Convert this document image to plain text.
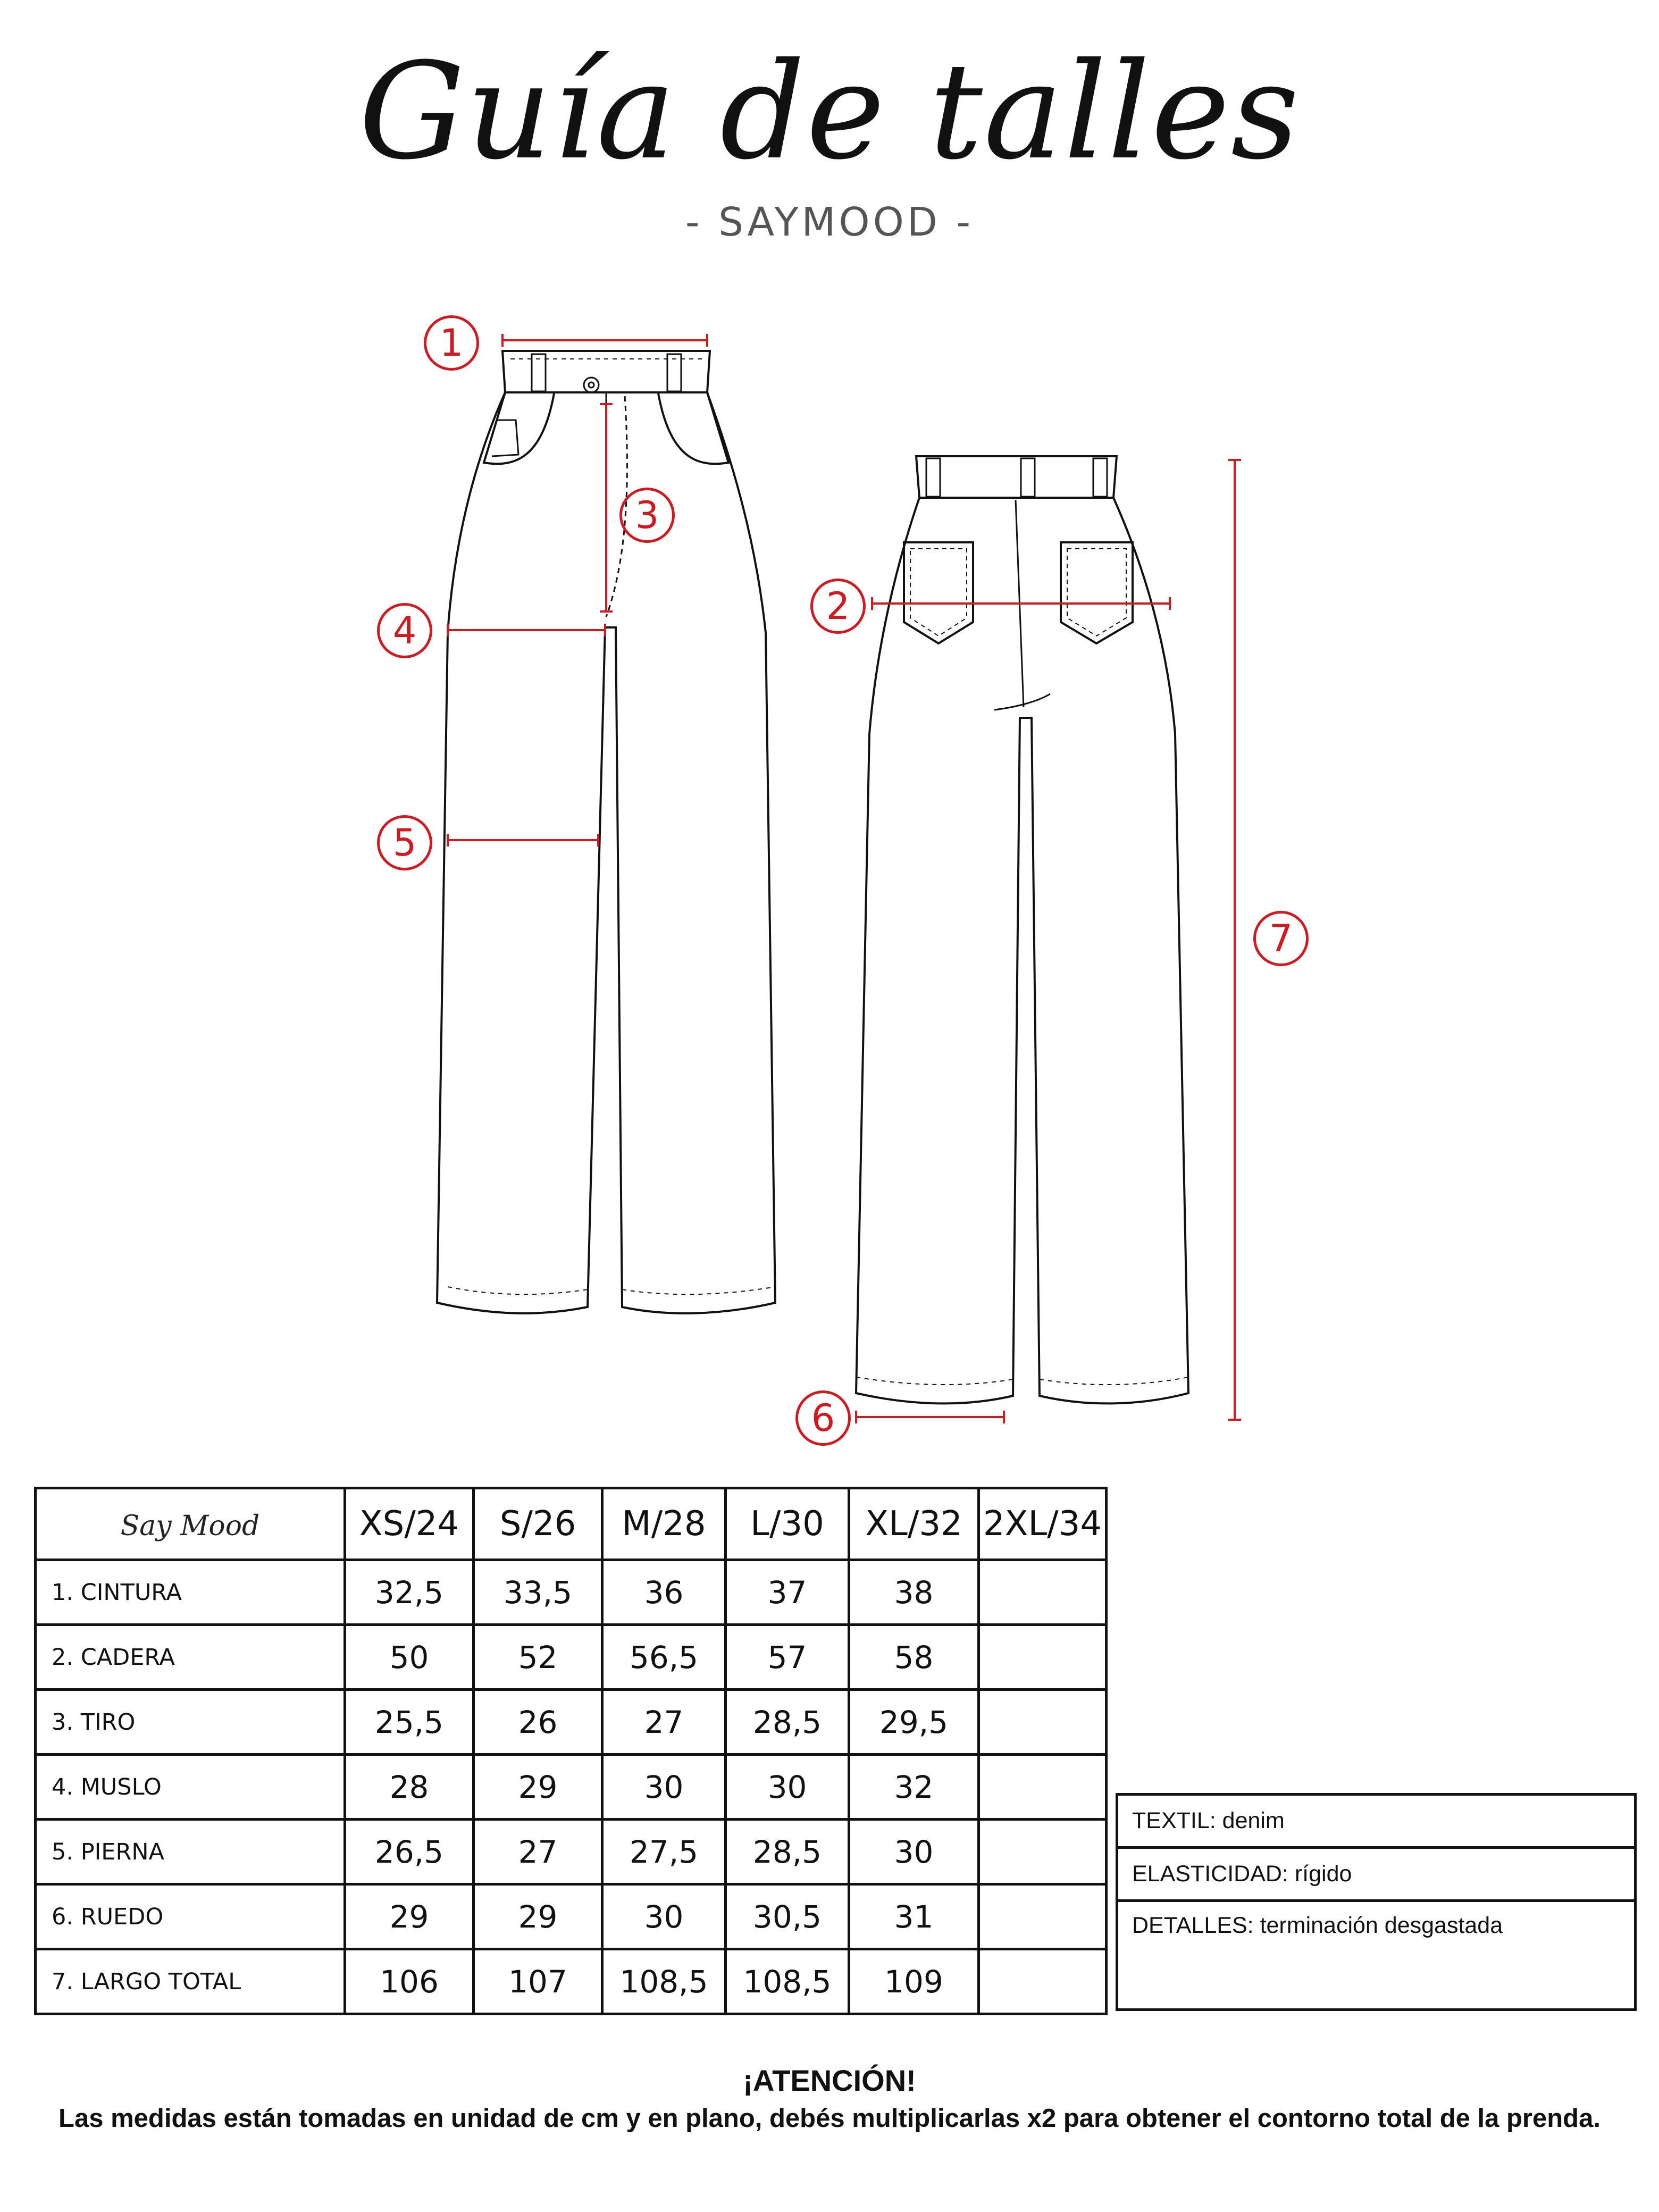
Guía de talles
- SAYMOOD -
1
2
3
4
5
6
7
Say Mood	XS/24	S/26	M/28	L/30	XL/32	2XL/34
1. CINTURA	32,5	33,5	36	37	38	
2. CADERA	50	52	56,5	57	58	
3. TIRO	25,5	26	27	28,5	29,5	
4. MUSLO	28	29	30	30	32	
5. PIERNA	26,5	27	27,5	28,5	30	
6. RUEDO	29	29	30	30,5	31	
7. LARGO TOTAL	106	107	108,5	108,5	109	
TEXTIL: denim
ELASTICIDAD: rígido
DETALLES: terminación desgastada
¡ATENCIÓN!
Las medidas están tomadas en unidad de cm y en plano, debés multiplicarlas x2 para obtener el contorno total de la prenda.
